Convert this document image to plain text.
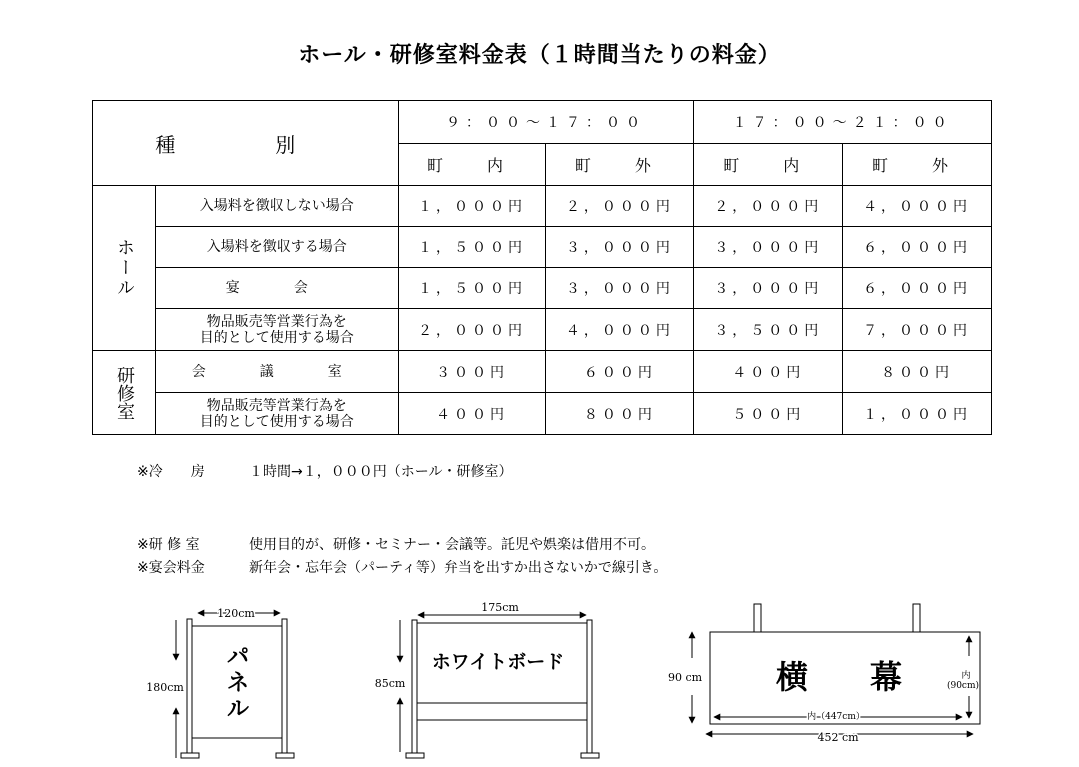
ホール・研修室料金表（１時間当たりの料金）
種　別		９：００〜１７：００		１７：００〜２１：００	
		町　内	町　外	町　内	町　外

ホール	入場料を徴収しない場合	１，０００円	２，０００円	２，０００円	４，０００円
	入場料を徴収する場合	１，５００円	３，０００円	３，０００円	６，０００円
	宴　会	１，５００円	３，０００円	３，０００円	６，０００円

	物品販売等営業行為を
目的として使用する場合	２，０００円	４，０００円	３，５００円	７，０００円

研修室	会　議　室	３００円	６００円	４００円	８００円

	物品販売等営業行為を
目的として使用する場合	４００円	８００円	５００円	１，０００円
※冷　　房	１時間→１，０００円（ホール・研修室）
※研 修 室	使用目的が、研修・セミナー・会議等。託児や娯楽は借用不可。
※宴会料金	新年会・忘年会（パーティ等）弁当を出すか出さないかで線引き。
パネル
120cm
180cm
ホワイトボード
175cm
85cm	横 幕
90 cm	内
(90cm)
内（447cm）
452 cm
